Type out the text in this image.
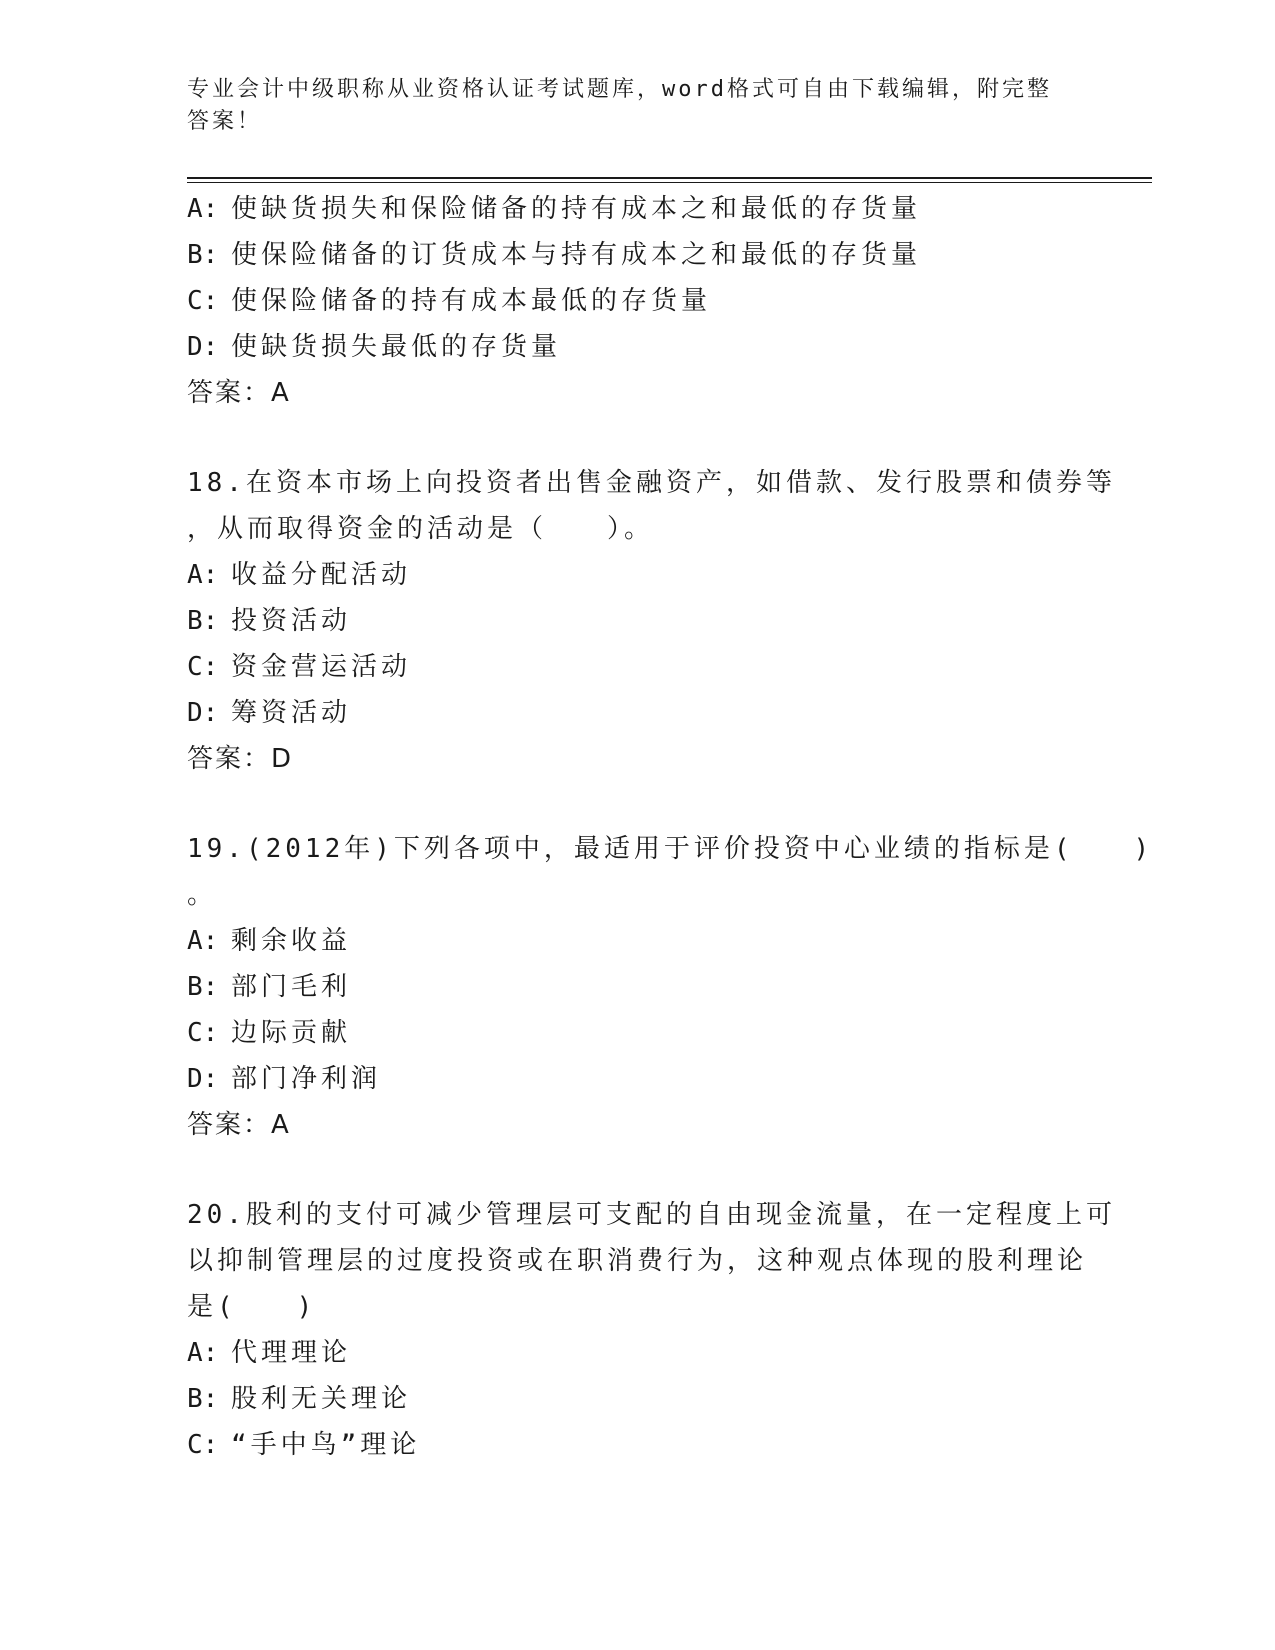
专业会计中级职称从业资格认证考试题库，word格式可自由下载编辑，附完整答案！
A: 使缺货损失和保险储备的持有成本之和最低的存货量
B: 使保险储备的订货成本与持有成本之和最低的存货量
C: 使保险储备的持有成本最低的存货量
D: 使缺货损失最低的存货量
答案：A
18.在资本市场上向投资者出售金融资产，如借款、发行股票和债券等
，从而取得资金的活动是（　　）。
A: 收益分配活动
B: 投资活动
C: 资金营运活动
D: 筹资活动
答案：D
19.(2012年)下列各项中，最适用于评价投资中心业绩的指标是(　　)
。
A: 剩余收益
B: 部门毛利
C: 边际贡献
D: 部门净利润
答案：A
20.股利的支付可减少管理层可支配的自由现金流量，在一定程度上可
以抑制管理层的过度投资或在职消费行为，这种观点体现的股利理论
是(　　)
A: 代理理论
B: 股利无关理论
C: “手中鸟”理论
